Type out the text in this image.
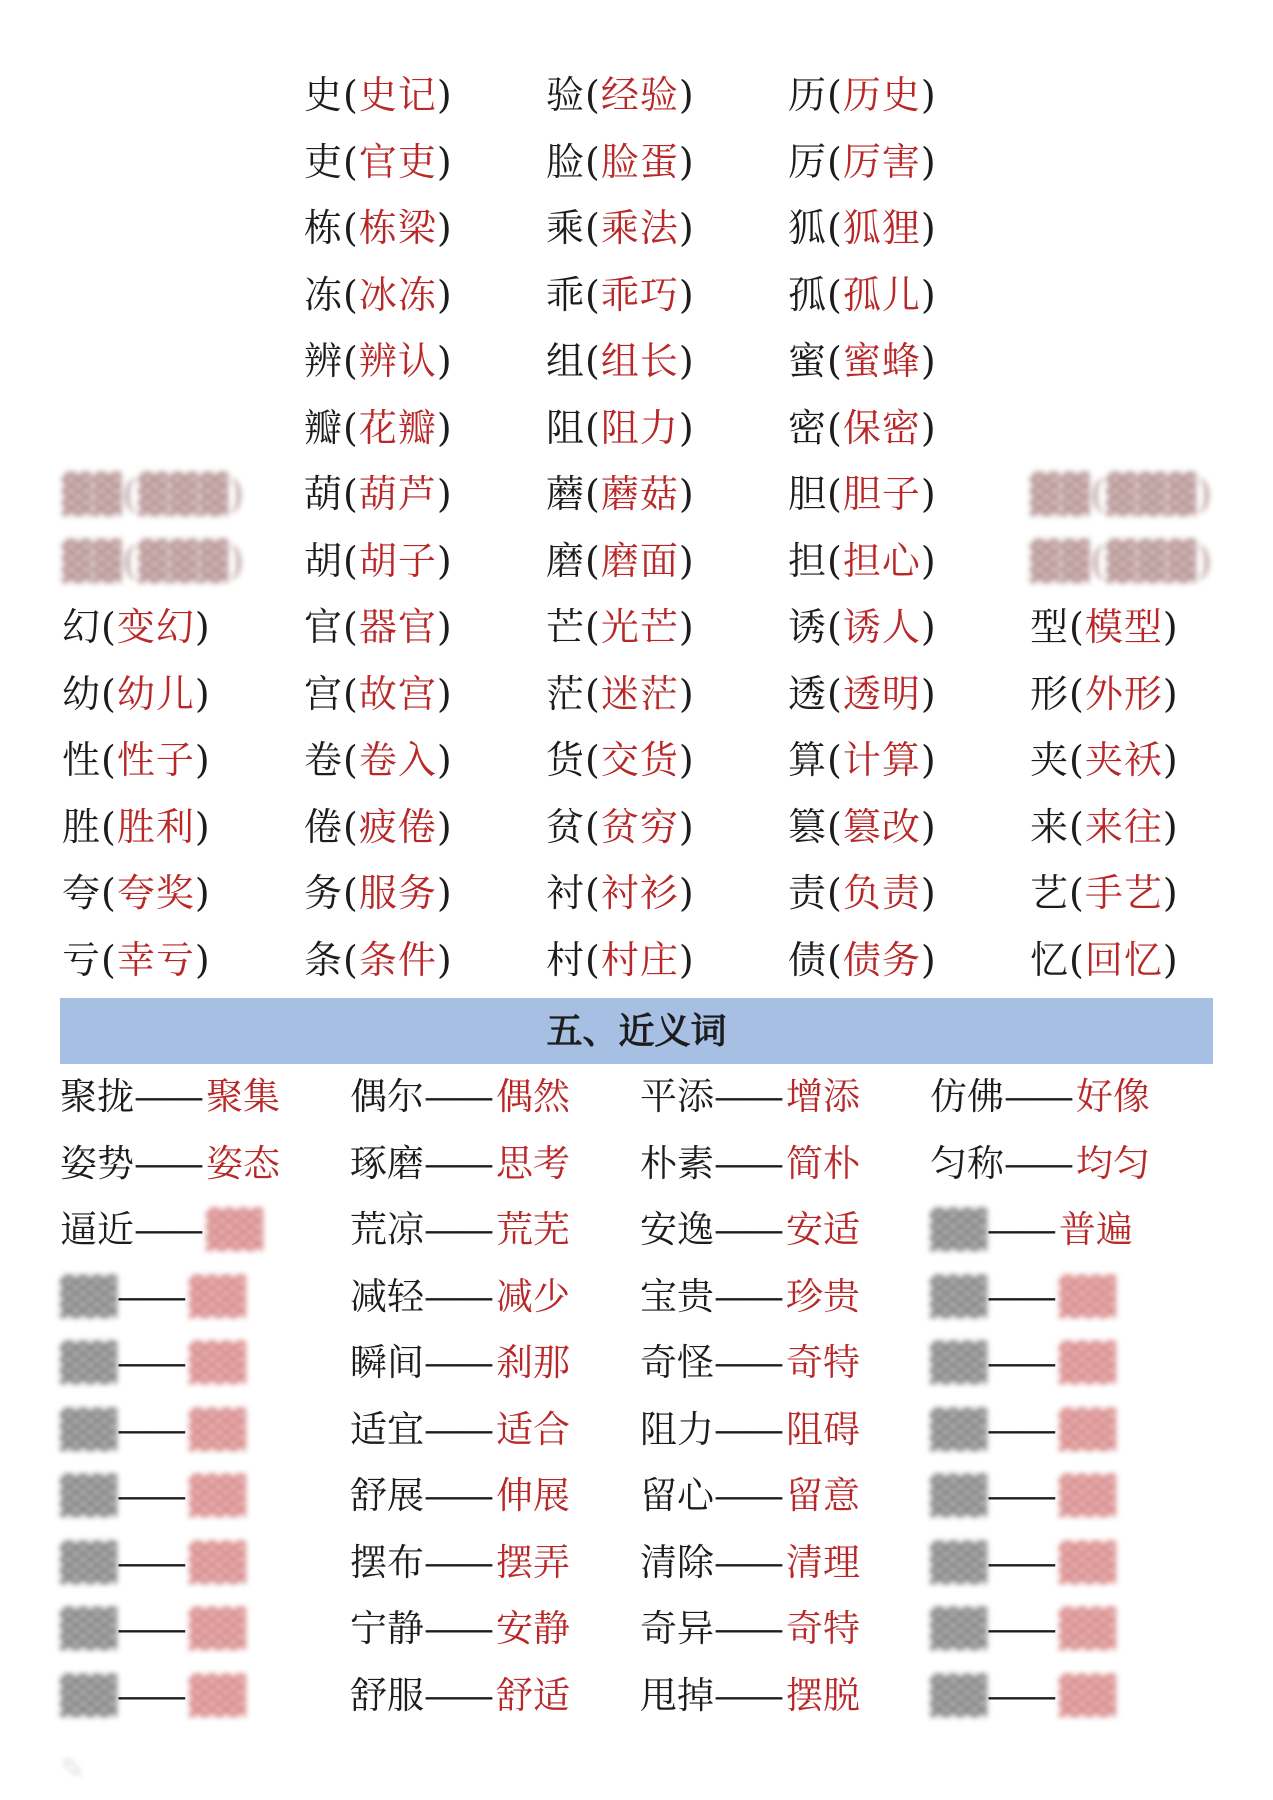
史(史记) 验(经验) 历(历史)
吏(官吏) 脸(脸蛋) 厉(厉害)
栋(栋梁) 乘(乘法) 狐(狐狸)
冻(冰冻) 乖(乖巧) 孤(孤儿)
辨(辨认) 组(组长) 蜜(蜜蜂)
瓣(花瓣) 阻(阻力) 密(保密)
▓▓(▓▓▓) 葫(葫芦) 蘑(蘑菇) 胆(胆子) ▓▓(▓▓▓)
▓▓(▓▓▓) 胡(胡子) 磨(磨面) 担(担心) ▓▓(▓▓▓)
幻(变幻) 官(器官) 芒(光芒) 诱(诱人) 型(模型)
幼(幼儿) 宫(故宫) 茫(迷茫) 透(透明) 形(外形)
性(性子) 卷(卷入) 货(交货) 算(计算) 夹(夹袄)
胜(胜利) 倦(疲倦) 贫(贫穷) 篡(篡改) 来(来往)
夸(夸奖) 务(服务) 衬(衬衫) 责(负责) 艺(手艺)
亏(幸亏) 条(条件) 村(村庄) 债(债务) 忆(回忆)
五、近义词
聚拢—— 聚集 偶尔—— 偶然 平添—— 增添 仿佛—— 好像
姿势—— 姿态 琢磨—— 思考 朴素—— 简朴 匀称—— 均匀
逼近—— ▓▓ 荒凉—— 荒芜 安逸—— 安适 ▓▓—— 普遍
▓▓—— ▓▓	减轻—— 减少 宝贵—— 珍贵 ▓▓—— ▓▓
▓▓—— ▓▓	瞬间—— 刹那 奇怪—— 奇特 ▓▓—— ▓▓
▓▓—— ▓▓	适宜—— 适合 阻力—— 阻碍 ▓▓—— ▓▓
▓▓—— ▓▓	舒展—— 伸展 留心—— 留意 ▓▓—— ▓▓
▓▓—— ▓▓	摆布—— 摆弄 清除—— 清理 ▓▓—— ▓▓
▓▓—— ▓▓	宁静—— 安静 奇异—— 奇特 ▓▓—— ▓▓
▓▓—— ▓▓	舒服—— 舒适 甩掉—— 摆脱 ▓▓—— ▓▓
✎
